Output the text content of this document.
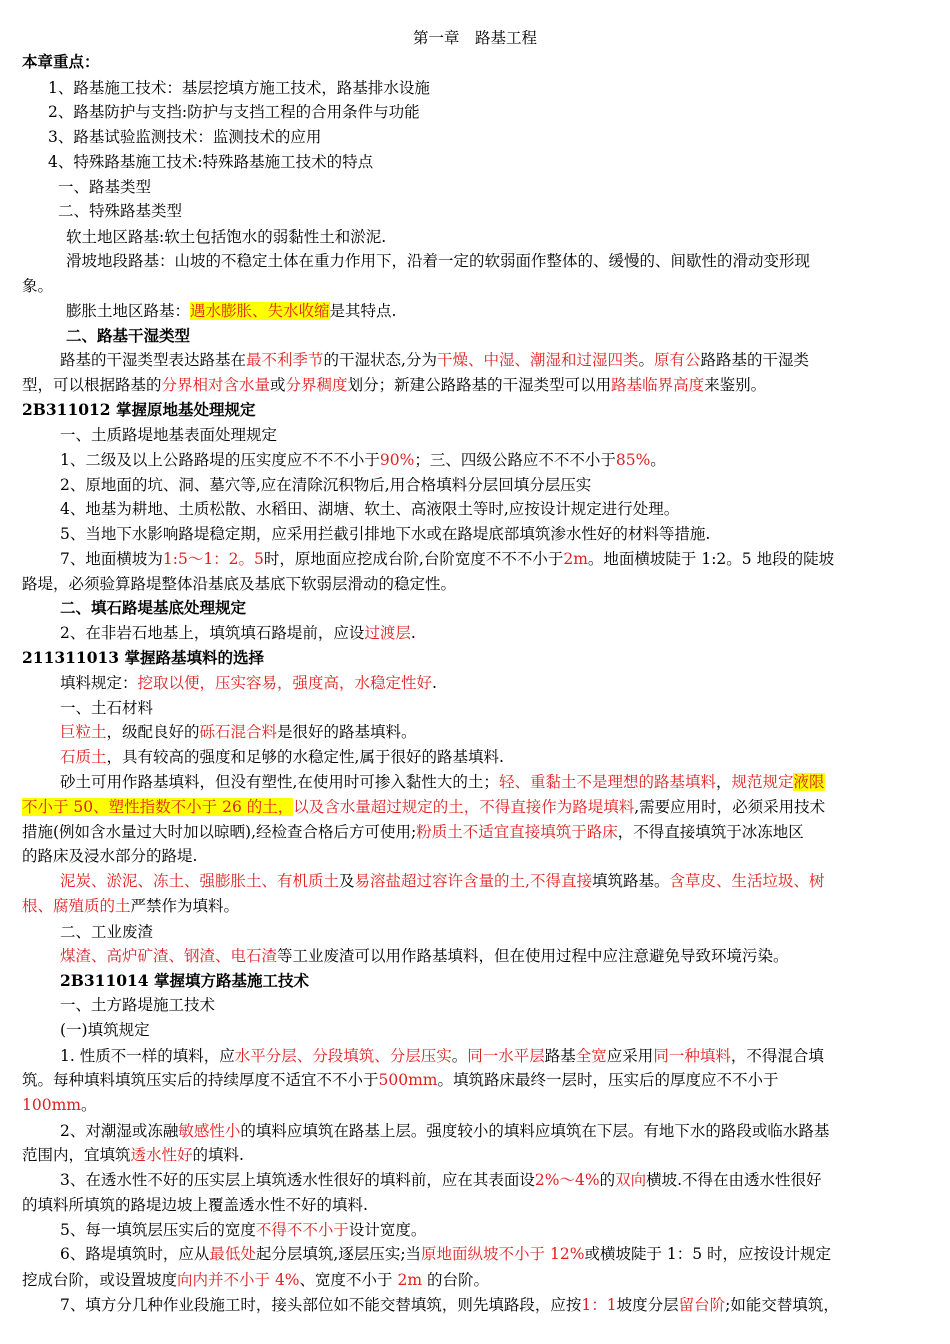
第一章　路基工程
本章重点：
1、路基施工技术：基层挖填方施工技术，路基排水设施
2、路基防护与支挡:防护与支挡工程的合用条件与功能
3、路基试验监测技术：监测技术的应用
4、特殊路基施工技术:特殊路基施工技术的特点
一、路基类型
二、特殊路基类型
软土地区路基:软土包括饱水的弱黏性土和淤泥.
滑坡地段路基：山坡的不稳定土体在重力作用下，沿着一定的软弱面作整体的、缓慢的、间歇性的滑动变形现
象。
膨胀土地区路基：遇水膨胀、失水收缩是其特点.
二、路基干湿类型
路基的干湿类型表达路基在最不利季节的干湿状态,分为干燥、中湿、潮湿和过湿四类。原有公路路基的干湿类
型，可以根据路基的分界相对含水量或分界稠度划分；新建公路路基的干湿类型可以用路基临界高度来鉴别。
2B311012 掌握原地基处理规定
一、土质路堤地基表面处理规定
1、二级及以上公路路堤的压实度应不不不小于90%；三、四级公路应不不不小于85%。
2、原地面的坑、洞、墓穴等,应在清除沉积物后,用合格填料分层回填分层压实
4、地基为耕地、土质松散、水稻田、湖塘、软土、高液限土等时,应按设计规定进行处理。
5、当地下水影响路堤稳定期，应采用拦截引排地下水或在路堤底部填筑渗水性好的材料等措施.
7、地面横坡为1:5～1：2。5时，原地面应挖成台阶,台阶宽度不不不小于2m。地面横坡陡于 1:2。5 地段的陡坡
路堤，必须验算路堤整体沿基底及基底下软弱层滑动的稳定性。
二、填石路堤基底处理规定
2、在非岩石地基上，填筑填石路堤前，应设过渡层.
211311013 掌握路基填料的选择
填料规定：挖取以便，压实容易，强度高，水稳定性好.
一、土石材料
巨粒土，级配良好的砾石混合料是很好的路基填料。
石质土，具有较高的强度和足够的水稳定性,属于很好的路基填料.
砂土可用作路基填料，但没有塑性,在使用时可掺入黏性大的土；轻、重黏土不是理想的路基填料，规范规定液限
不小于 50、塑性指数不小于 26 的土，以及含水量超过规定的土，不得直接作为路堤填料,需要应用时，必须采用技术
措施(例如含水量过大时加以晾晒),经检查合格后方可使用;粉质土不适宜直接填筑于路床，不得直接填筑于冰冻地区
的路床及浸水部分的路堤.
泥炭、淤泥、冻土、强膨胀土、有机质土及易溶盐超过容许含量的土,不得直接填筑路基。含草皮、生活垃圾、树
根、腐殖质的土严禁作为填料。
二、工业废渣
煤渣、高炉矿渣、钢渣、电石渣等工业废渣可以用作路基填料，但在使用过程中应注意避免导致环境污染。
2B311014 掌握填方路基施工技术
一、土方路堤施工技术
(一)填筑规定
1. 性质不一样的填料，应水平分层、分段填筑、分层压实。同一水平层路基全宽应采用同一种填料，不得混合填
筑。每种填料填筑压实后的持续厚度不适宜不不小于500mm。填筑路床最终一层时，压实后的厚度应不不小于
100mm。
2、对潮湿或冻融敏感性小的填料应填筑在路基上层。强度较小的填料应填筑在下层。有地下水的路段或临水路基
范围内，宜填筑透水性好的填料.
3、在透水性不好的压实层上填筑透水性很好的填料前，应在其表面设2%～4%的双向横坡.不得在由透水性很好
的填料所填筑的路堤边坡上覆盖透水性不好的填料.
5、每一填筑层压实后的宽度不得不不小于设计宽度。
6、路堤填筑时，应从最低处起分层填筑,逐层压实;当原地面纵坡不小于 12%或横坡陡于 1：5 时，应按设计规定
挖成台阶，或设置坡度向内并不小于 4%、宽度不小于 2m 的台阶。
7、填方分几种作业段施工时，接头部位如不能交替填筑，则先填路段，应按1：1坡度分层留台阶;如能交替填筑，
